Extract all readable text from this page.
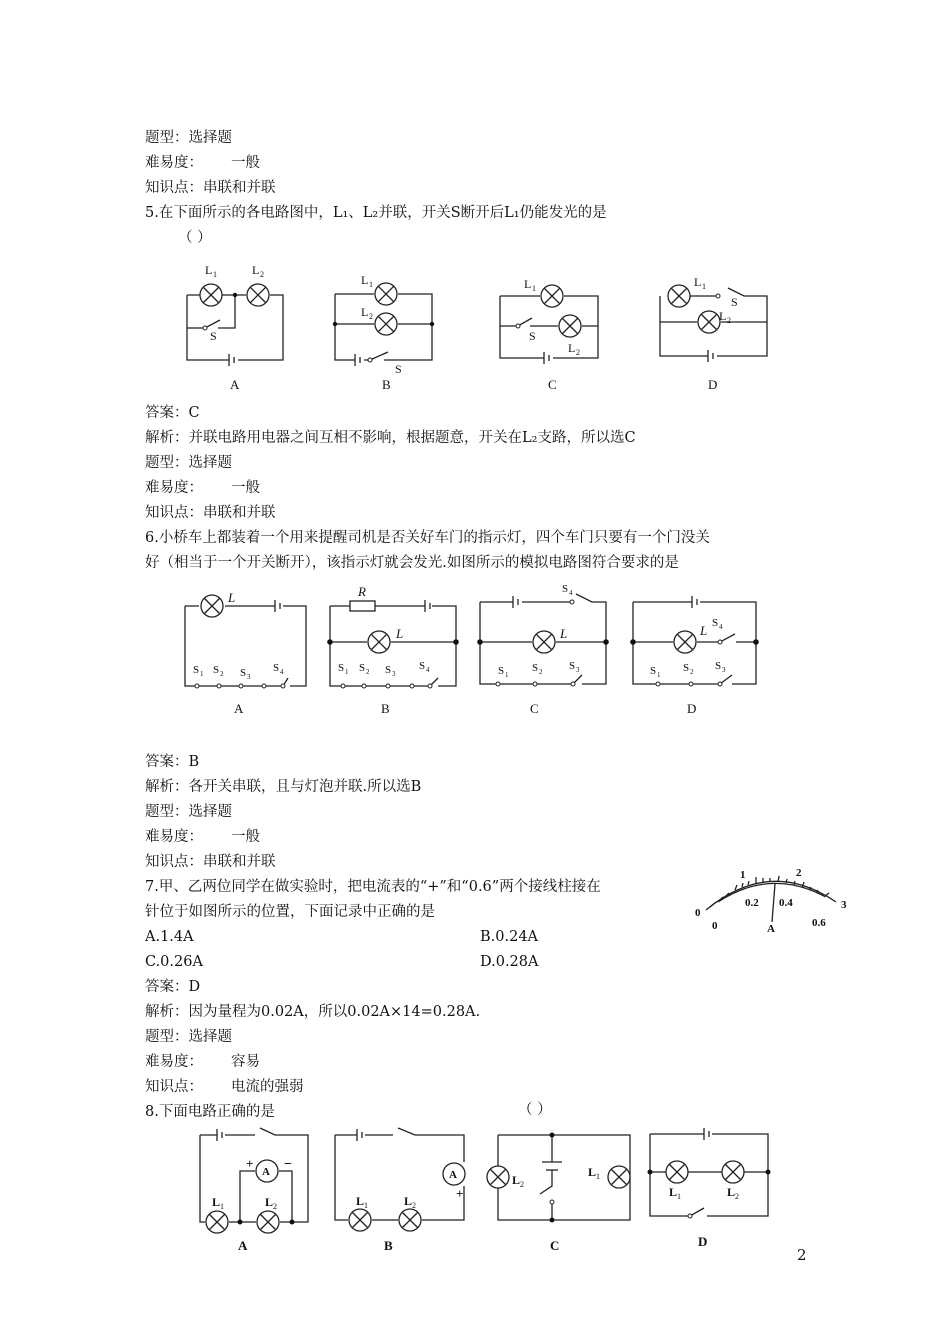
题型：选择题
难易度： 一般
知识点：串联和并联
5.在下面所示的各电路图中，L₁、L₂并联，开关S断开后L₁仍能发光的是
（ ）
L 1	L 2
S
A
L 1
L 2
S
B
L 1
S
L 2
C
L 1
S
L 2
D
答案：C
解析：并联电路用电器之间互相不影响，根据题意，开关在L₂支路，所以选C
题型：选择题
难易度： 一般
知识点：串联和并联
6.小桥车上都装着一个用来提醒司机是否关好车门的指示灯，四个车门只要有一个门没关
好（相当于一个开关断开），该指示灯就会发光.如图所示的模拟电路图符合要求的是
L
S 1 S 2 S 3
S 4
A
R
L
S 1 S 2 S 3
S 4
B
S 4
L
S 1
S 2 S 3
C
S 4
L
S 1
S 2 S 3
D
答案：B
解析：各开关串联，且与灯泡并联.所以选B
题型：选择题
难易度： 一般
知识点：串联和并联
7.甲、乙两位同学在做实验时，把电流表的“+”和“0.6”两个接线柱接在
针位于如图所示的位置，下面记录中正确的是	0
1	2
3
0
0.2 0.4
0.6
A
A.1.4A	B.0.24A
C.0.26A	D.0.28A
答案：D
解析：因为量程为0.02A，所以0.02A×14=0.28A.
题型：选择题
难易度： 容易
知识点： 电流的强弱
8.下面电路正确的是	（ ）
A
+ −
L 1	L 2
A
A
+
L 1	L 2
B
L 2
L 1
C
L 1	L 2
D
2
